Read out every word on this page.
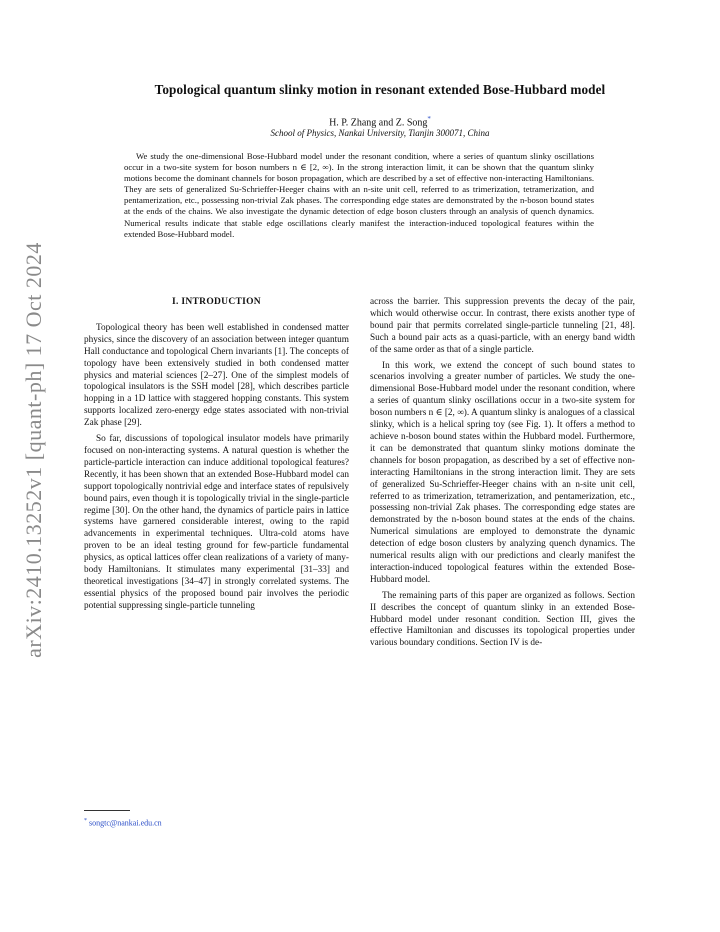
arXiv:2410.13252v1 [quant-ph] 17 Oct 2024
Topological quantum slinky motion in resonant extended Bose-Hubbard model
H. P. Zhang and Z. Song*
School of Physics, Nankai University, Tianjin 300071, China
We study the one-dimensional Bose-Hubbard model under the resonant condition, where a series of quantum slinky oscillations occur in a two-site system for boson numbers n ∈ [2, ∞). In the strong interaction limit, it can be shown that the quantum slinky motions become the dominant channels for boson propagation, which are described by a set of effective non-interacting Hamiltonians. They are sets of generalized Su-Schrieffer-Heeger chains with an n-site unit cell, referred to as trimerization, tetramerization, and pentamerization, etc., possessing non-trivial Zak phases. The corresponding edge states are demonstrated by the n-boson bound states at the ends of the chains. We also investigate the dynamic detection of edge boson clusters through an analysis of quench dynamics. Numerical results indicate that stable edge oscillations clearly manifest the interaction-induced topological features within the extended Bose-Hubbard model.
I. INTRODUCTION

Topological theory has been well established in condensed matter physics, since the discovery of an association between integer quantum Hall conductance and topological Chern invariants [1]. The concepts of topology have been extensively studied in both condensed matter physics and material sciences [2–27]. One of the simplest models of topological insulators is the SSH model [28], which describes particle hopping in a 1D lattice with staggered hopping constants. This system supports localized zero-energy edge states associated with non-trivial Zak phase [29].

So far, discussions of topological insulator models have primarily focused on non-interacting systems. A natural question is whether the particle-particle interaction can induce additional topological features? Recently, it has been shown that an extended Bose-Hubbard model can support topologically nontrivial edge and interface states of repulsively bound pairs, even though it is topologically trivial in the single-particle regime [30]. On the other hand, the dynamics of particle pairs in lattice systems have garnered considerable interest, owing to the rapid advancements in experimental techniques. Ultra-cold atoms have proven to be an ideal testing ground for few-particle fundamental physics, as optical lattices offer clean realizations of a variety of many-body Hamiltonians. It stimulates many experimental [31–33] and theoretical investigations [34–47] in strongly correlated systems. The essential physics of the proposed bound pair involves the periodic potential suppressing single-particle tunneling

across the barrier. This suppression prevents the decay of the pair, which would otherwise occur. In contrast, there exists another type of bound pair that permits correlated single-particle tunneling [21, 48]. Such a bound pair acts as a quasi-particle, with an energy band width of the same order as that of a single particle.

In this work, we extend the concept of such bound states to scenarios involving a greater number of particles. We study the one-dimensional Bose-Hubbard model under the resonant condition, where a series of quantum slinky oscillations occur in a two-site system for boson numbers n ∈ [2, ∞). A quantum slinky is analogues of a classical slinky, which is a helical spring toy (see Fig. 1). It offers a method to achieve n-boson bound states within the Hubbard model. Furthermore, it can be demonstrated that quantum slinky motions dominate the channels for boson propagation, as described by a set of effective non-interacting Hamiltonians in the strong interaction limit. They are sets of generalized Su-Schrieffer-Heeger chains with an n-site unit cell, referred to as trimerization, tetramerization, and pentamerization, etc., possessing non-trivial Zak phases. The corresponding edge states are demonstrated by the n-boson bound states at the ends of the chains. Numerical simulations are employed to demonstrate the dynamic detection of edge boson clusters by analyzing quench dynamics. The numerical results align with our predictions and clearly manifest the interaction-induced topological features within the extended Bose-Hubbard model.

The remaining parts of this paper are organized as follows. Section II describes the concept of quantum slinky in an extended Bose-Hubbard model under resonant condition. Section III, gives the effective Hamiltonian and discusses its topological properties under various boundary conditions. Section IV is de-

* songtc@nankai.edu.cn
